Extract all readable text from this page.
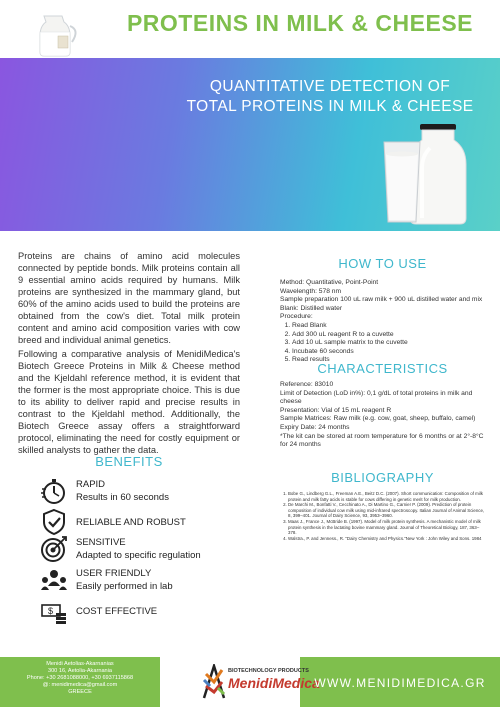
PROTEINS IN MILK & CHEESE
QUANTITATIVE DETECTION OF
TOTAL PROTEINS IN MILK & CHEESE

Proteins are chains of amino acid molecules connected by peptide bonds. Milk proteins contain all 9 essential amino acids required by humans. Milk proteins are synthesized in the mammary gland, but 60% of the amino acids used to build the proteins are obtained from the cow's diet. Total milk protein content and amino acid composition varies with cow breed and individual animal genetics.

Following a comparative analysis of MenidiMedica's Biotech Greece Proteins in Milk & Cheese method and the Kjeldahl reference method, it is evident that the former is the most appropriate choice. This is due to its ability to deliver rapid and precise results in contrast to the Kjeldahl method. Additionally, the Biotech Greece assay offers a straightforward protocol, eliminating the need for costly equipment or skilled analysts to gather the data.

BENEFITS
RAPID
Results in 60 seconds
RELIABLE AND ROBUST
SENSITIVE
Adapted to specific regulation
USER FRIENDLY
Easily performed in lab
$ COST EFFECTIVE
HOW TO USE
Method: Quantitative, Point-Point
Wavelength: 578 nm
Sample preparation 100 uL raw milk + 900 uL distilled water and mix
Blank: Distilled water
Procedure:
1. Read Blank
2. Add 300 uL reagent R to a cuvette
3. Add 10 uL sample matrix to the cuvette
4. Incubate 60 seconds
5. Read results
CHARACTERISTICS
Reference: 83010
Limit of Detection (LoD in%): 0,1 g/dL of total proteins in milk and cheese
Presentation: Vial of 15 mL reagent R
Sample Matrices: Raw milk (e.g. cow, goat, sheep, buffalo, camel)
Expiry Date: 24 months
*The kit can be stored at room temperature for 6 months or at 2°-8°C for 24 months
BIBLIOGRAPHY
1. Bobe G., Lindberg G.L., Freeman A.E., Beitz D.C. (2007). Short communication: Composition of milk protein and milk fatty acids is stable for cows differing in genetic merit for milk production.
2. De Marchi M., Bonfatti V., Cecchinato A., Di Martino G., Carnier P. (2009). Prediction of protein composition of individual cow milk using mid-infrared spectroscopy. Italian Journal of Animal Science, 8, 399–401. Journal of Dairy Science, 93, 3953–3960.
3. Maas J., France J., McBride B. (1997). Model of milk protein synthesis. A mechanistic model of milk protein synthesis in the lactating bovine mammary gland. Journal of Theoretical Biology, 187, 363–378.
4. Walstra., P. and Jenness., R. "Dairy Chemistry and Physics."New York : John Wiley and Sons. 1984
Menidi Aetolias-Akarnanias
300 16, Aetolia-Akarnania
Phone: +30 2681088000, +30 6937115868
@: menidimedica@gmail.com
GREECE
BIOTECHNOLOGY PRODUCTS
MenidiMedica
WWW.MENIDIMEDICA.GR
